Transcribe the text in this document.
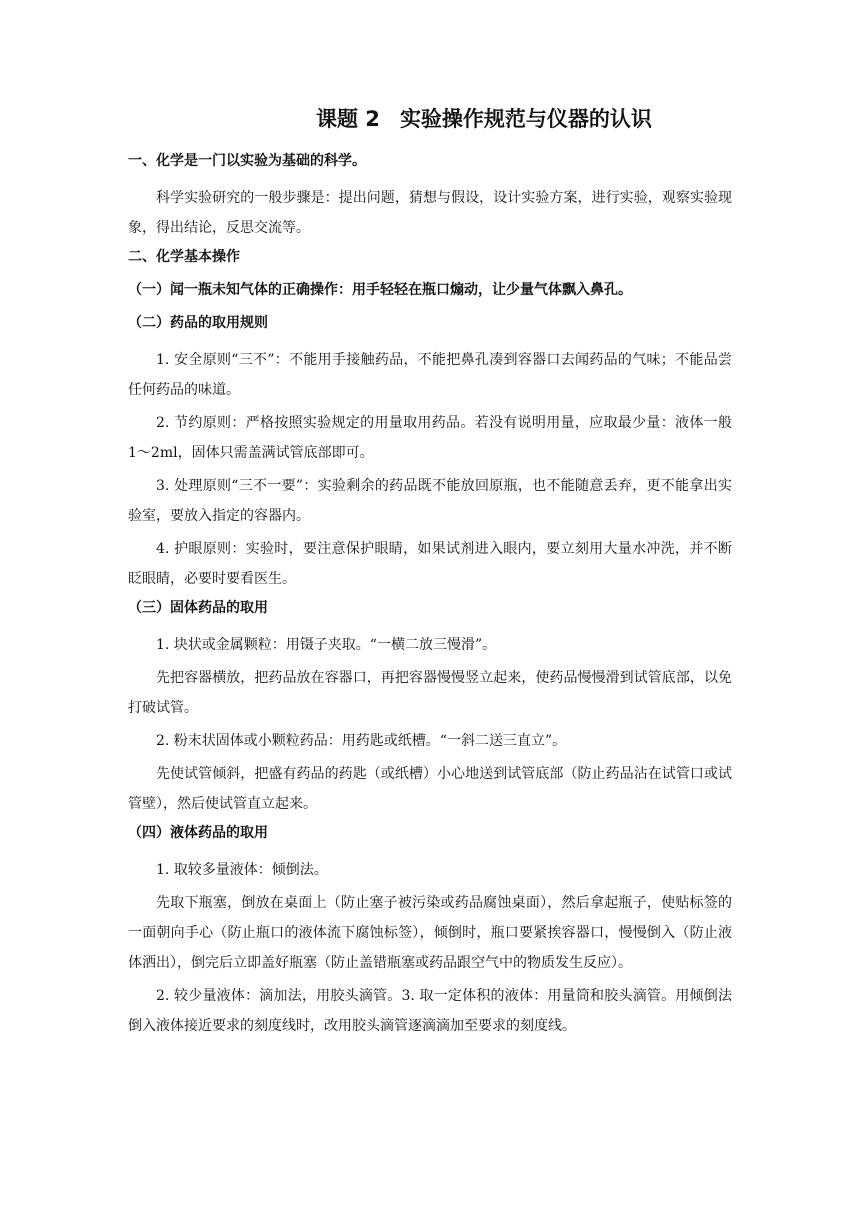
课题 2 实验操作规范与仪器的认识
一、化学是一门以实验为基础的科学。
科学实验研究的一般步骤是：提出问题，猜想与假设，设计实验方案，进行实验，观察实验现象，得出结论，反思交流等。
二、化学基本操作
（一）闻一瓶未知气体的正确操作：用手轻轻在瓶口煽动，让少量气体飘入鼻孔。
（二）药品的取用规则
1. 安全原则“三不”：不能用手接触药品，不能把鼻孔凑到容器口去闻药品的气味；不能品尝任何药品的味道。
2. 节约原则：严格按照实验规定的用量取用药品。若没有说明用量，应取最少量：液体一般 1～2ml，固体只需盖满试管底部即可。
3. 处理原则“三不一要”：实验剩余的药品既不能放回原瓶，也不能随意丢弃，更不能拿出实验室，要放入指定的容器内。
4. 护眼原则：实验时，要注意保护眼睛，如果试剂进入眼内，要立刻用大量水冲洗，并不断眨眼睛，必要时要看医生。
（三）固体药品的取用
1. 块状或金属颗粒：用镊子夹取。“一横二放三慢滑”。
先把容器横放，把药品放在容器口，再把容器慢慢竖立起来，使药品慢慢滑到试管底部，以免打破试管。
2. 粉末状固体或小颗粒药品：用药匙或纸槽。“一斜二送三直立”。
先使试管倾斜，把盛有药品的药匙（或纸槽）小心地送到试管底部（防止药品沾在试管口或试管壁），然后使试管直立起来。
（四）液体药品的取用
1. 取较多量液体：倾倒法。
先取下瓶塞，倒放在桌面上（防止塞子被污染或药品腐蚀桌面），然后拿起瓶子，使贴标签的一面朝向手心（防止瓶口的液体流下腐蚀标签），倾倒时，瓶口要紧挨容器口，慢慢倒入（防止液体洒出），倒完后立即盖好瓶塞（防止盖错瓶塞或药品跟空气中的物质发生反应）。
2. 较少量液体：滴加法，用胶头滴管。3. 取一定体积的液体：用量筒和胶头滴管。用倾倒法倒入液体接近要求的刻度线时，改用胶头滴管逐滴滴加至要求的刻度线。
